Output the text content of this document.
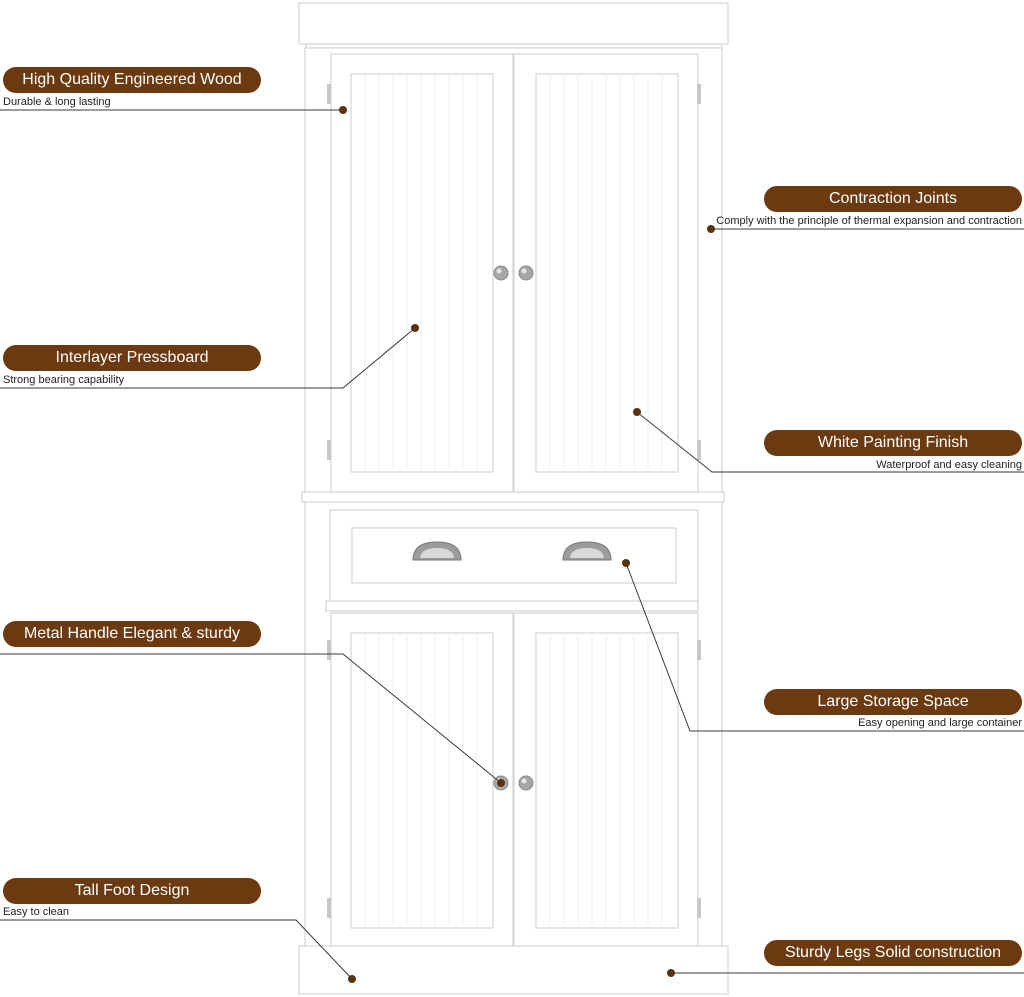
High Quality Engineered Wood
Durable & long lasting
Contraction Joints
Comply with the principle of thermal expansion and contraction
Interlayer Pressboard
Strong bearing capability
White Painting Finish
Waterproof and easy cleaning
Metal Handle Elegant & sturdy
Large Storage Space
Easy opening and large container
Tall Foot Design
Easy to clean
Sturdy Legs Solid construction
